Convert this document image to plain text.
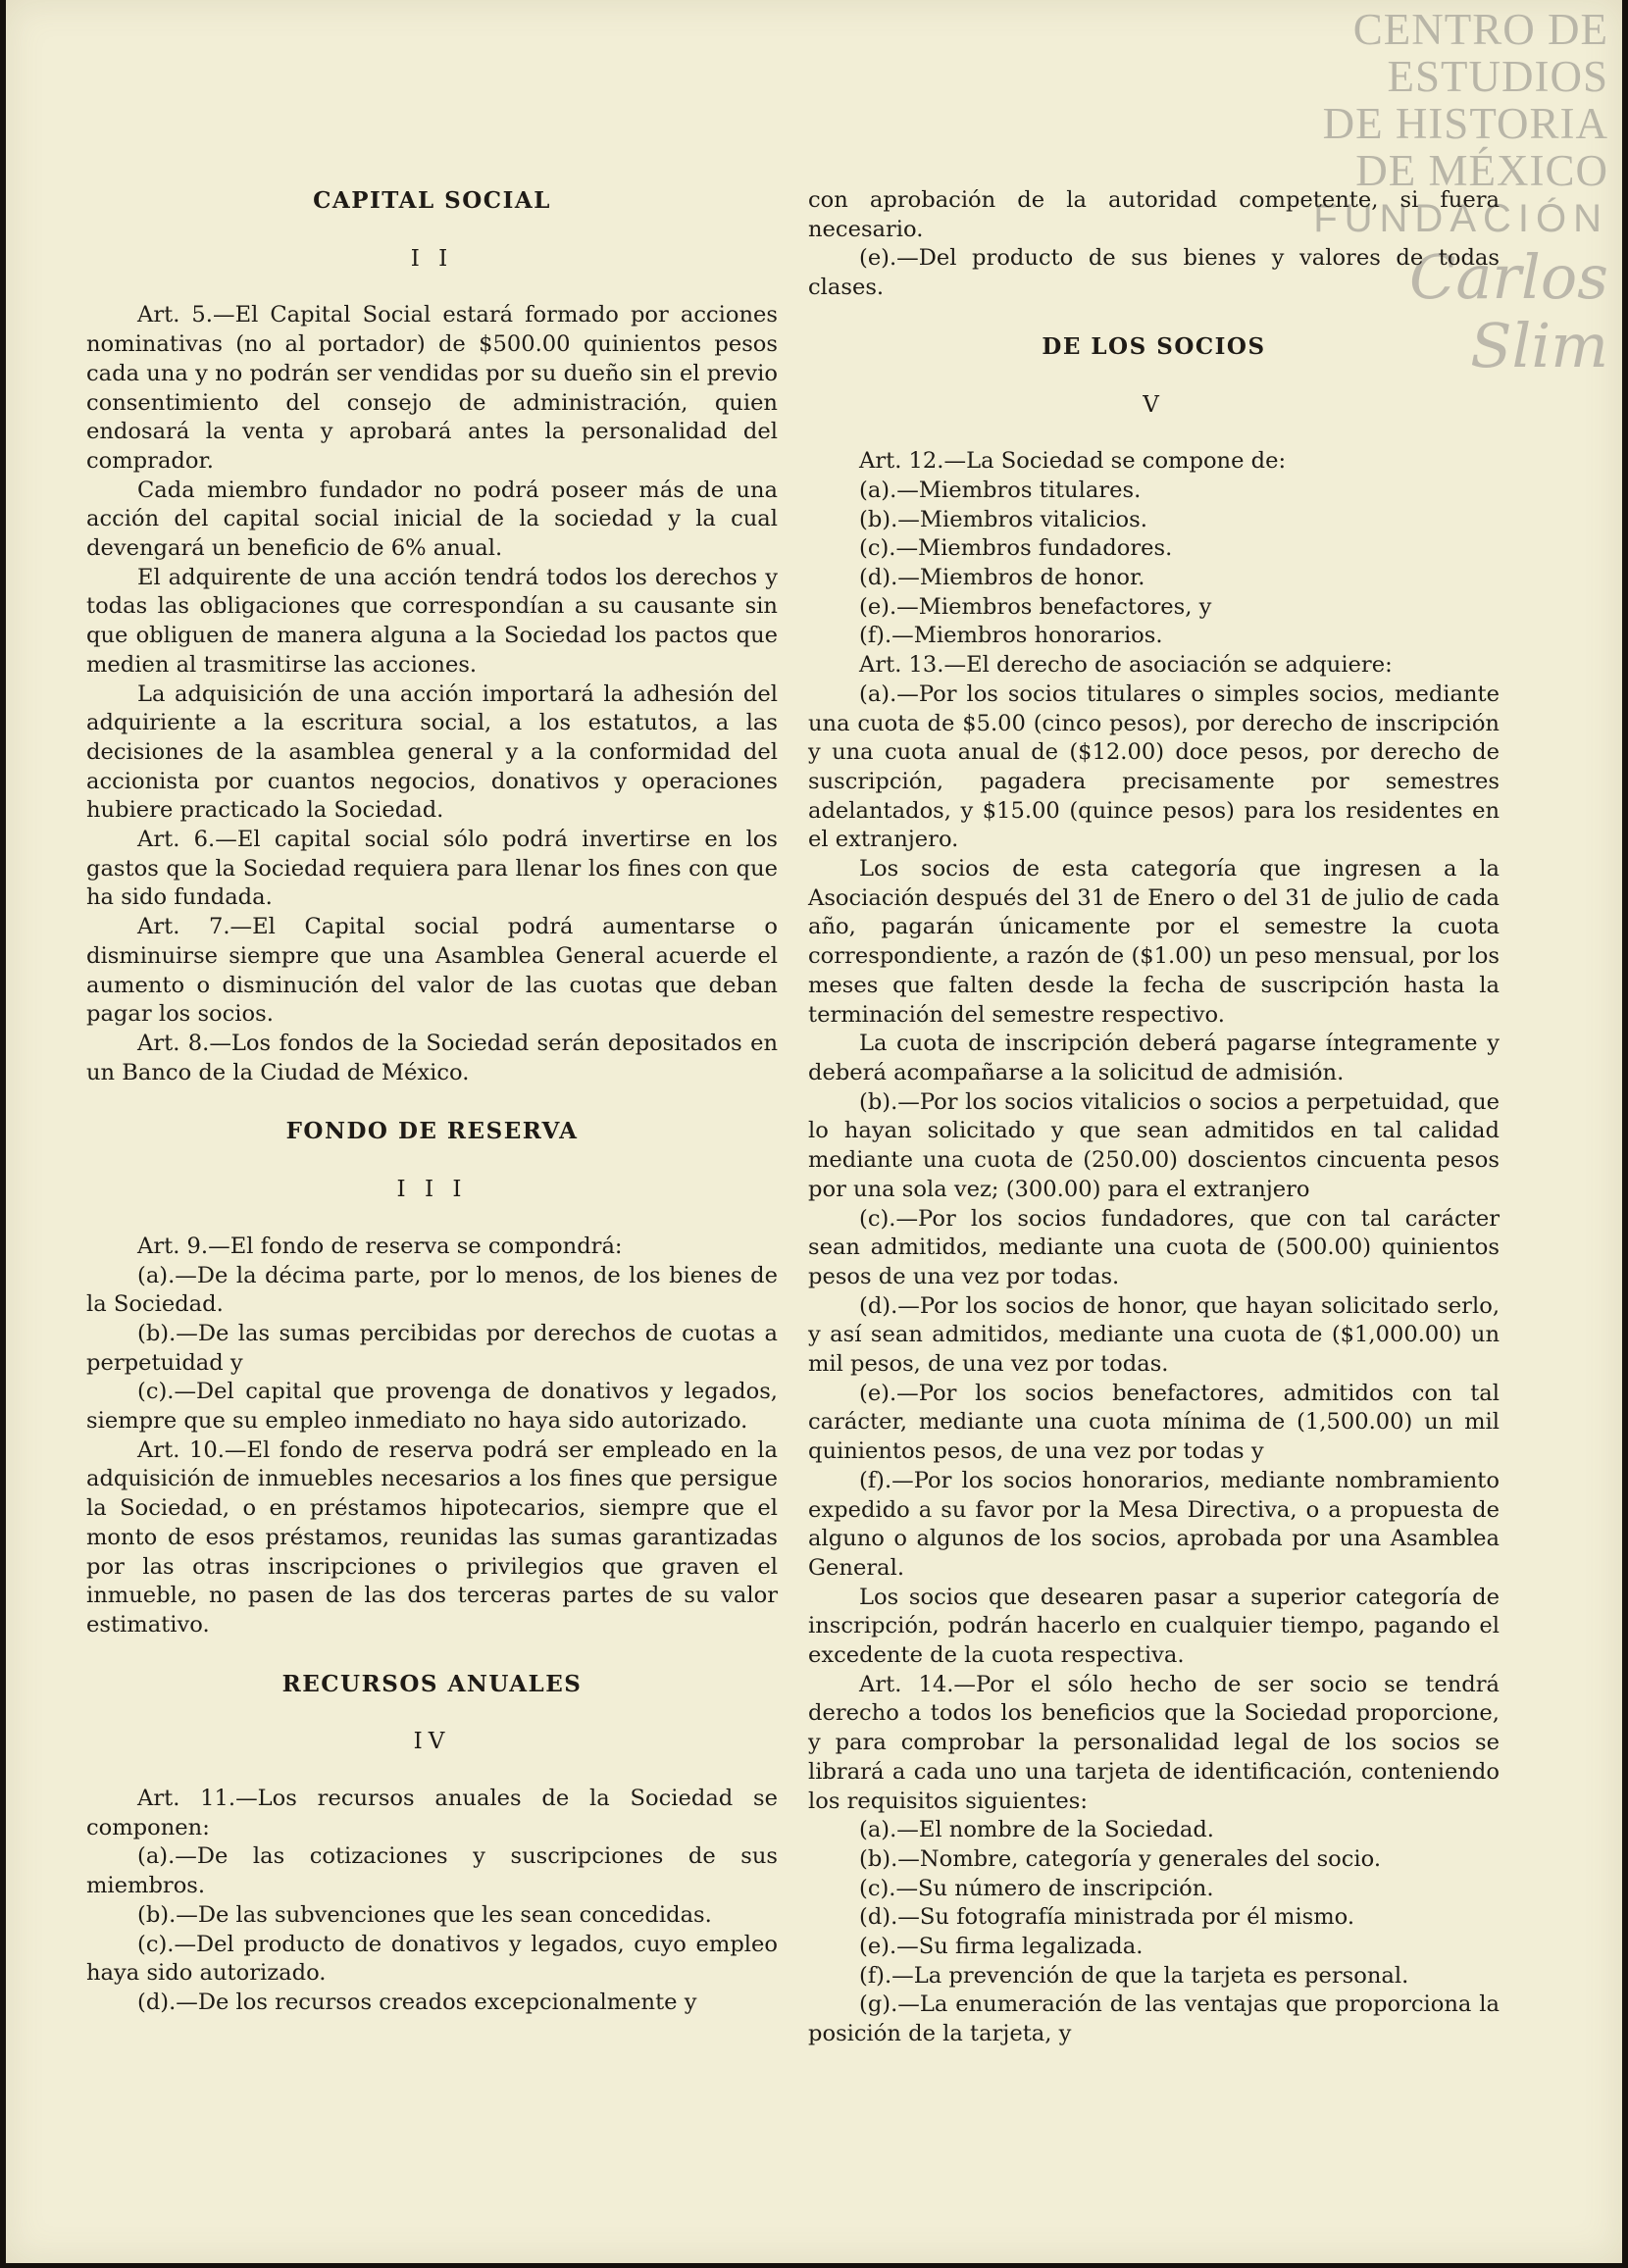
CENTRO DE
ESTUDIOS
DE HISTORIA
DE MÉXICO
FUNDACIÓN
Carlos Slim
CAPITAL SOCIAL
I I

Art. 5.—El Capital Social estará formado por acciones nominativas (no al portador) de $500.00 quinientos pesos cada una y no podrán ser vendidas por su dueño sin el previo consentimiento del consejo de administración, quien endosará la venta y aprobará antes la personalidad del comprador.

Cada miembro fundador no podrá poseer más de una acción del capital social inicial de la sociedad y la cual devengará un beneficio de 6% anual.

El adquirente de una acción tendrá todos los derechos y todas las obligaciones que correspondían a su causante sin que obliguen de manera alguna a la Sociedad los pactos que medien al trasmitirse las acciones.

La adquisición de una acción importará la adhesión del adquiriente a la escritura social, a los estatutos, a las decisiones de la asamblea general y a la conformidad del accionista por cuantos negocios, donativos y operaciones hubiere practicado la Sociedad.

Art. 6.—El capital social sólo podrá invertirse en los gastos que la Sociedad requiera para llenar los fines con que ha sido fundada.

Art. 7.—El Capital social podrá aumentarse o disminuirse siempre que una Asamblea General acuerde el aumento o disminución del valor de las cuotas que deban pagar los socios.

Art. 8.—Los fondos de la Sociedad serán depositados en un Banco de la Ciudad de México.

FONDO DE RESERVA
I I I

Art. 9.—El fondo de reserva se compondrá:

(a).—De la décima parte, por lo menos, de los bienes de la Sociedad.

(b).—De las sumas percibidas por derechos de cuotas a perpetuidad y

(c).—Del capital que provenga de donativos y legados, siempre que su empleo inmediato no haya sido autorizado.

Art. 10.—El fondo de reserva podrá ser empleado en la adquisición de inmuebles necesarios a los fines que persigue la Sociedad, o en préstamos hipotecarios, siempre que el monto de esos préstamos, reunidas las sumas garantizadas por las otras inscripciones o privilegios que graven el inmueble, no pasen de las dos terceras partes de su valor estimativo.

RECURSOS ANUALES
IV

Art. 11.—Los recursos anuales de la Sociedad se componen:

(a).—De las cotizaciones y suscripciones de sus miembros.

(b).—De las subvenciones que les sean concedidas.

(c).—Del producto de donativos y legados, cuyo empleo haya sido autorizado.

(d).—De los recursos creados excepcionalmente y

con aprobación de la autoridad competente, si fuera necesario.

(e).—Del producto de sus bienes y valores de todas clases.

DE LOS SOCIOS
V

Art. 12.—La Sociedad se compone de:

(a).—Miembros titulares.

(b).—Miembros vitalicios.

(c).—Miembros fundadores.

(d).—Miembros de honor.

(e).—Miembros benefactores, y

(f).—Miembros honorarios.

Art. 13.—El derecho de asociación se adquiere:

(a).—Por los socios titulares o simples socios, mediante una cuota de $5.00 (cinco pesos), por derecho de inscripción y una cuota anual de ($12.00) doce pesos, por derecho de suscripción, pagadera precisamente por semestres adelantados, y $15.00 (quince pesos) para los residentes en el extranjero.

Los socios de esta categoría que ingresen a la Asociación después del 31 de Enero o del 31 de julio de cada año, pagarán únicamente por el semestre la cuota correspondiente, a razón de ($1.00) un peso mensual, por los meses que falten desde la fecha de suscripción hasta la terminación del semestre respectivo.

La cuota de inscripción deberá pagarse íntegramente y deberá acompañarse a la solicitud de admisión.

(b).—Por los socios vitalicios o socios a perpetuidad, que lo hayan solicitado y que sean admitidos en tal calidad mediante una cuota de (250.00) doscientos cincuenta pesos por una sola vez; (300.00) para el extranjero

(c).—Por los socios fundadores, que con tal carácter sean admitidos, mediante una cuota de (500.00) quinientos pesos de una vez por todas.

(d).—Por los socios de honor, que hayan solicitado serlo, y así sean admitidos, mediante una cuota de ($1,000.00) un mil pesos, de una vez por todas.

(e).—Por los socios benefactores, admitidos con tal carácter, mediante una cuota mínima de (1,500.00) un mil quinientos pesos, de una vez por todas y

(f).—Por los socios honorarios, mediante nombramiento expedido a su favor por la Mesa Directiva, o a propuesta de alguno o algunos de los socios, aprobada por una Asamblea General.

Los socios que desearen pasar a superior categoría de inscripción, podrán hacerlo en cualquier tiempo, pagando el excedente de la cuota respectiva.

Art. 14.—Por el sólo hecho de ser socio se tendrá derecho a todos los beneficios que la Sociedad proporcione, y para comprobar la personalidad legal de los socios se librará a cada uno una tarjeta de identificación, conteniendo los requisitos siguientes:

(a).—El nombre de la Sociedad.

(b).—Nombre, categoría y generales del socio.

(c).—Su número de inscripción.

(d).—Su fotografía ministrada por él mismo.

(e).—Su firma legalizada.

(f).—La prevención de que la tarjeta es personal.

(g).—La enumeración de las ventajas que proporciona la posición de la tarjeta, y
